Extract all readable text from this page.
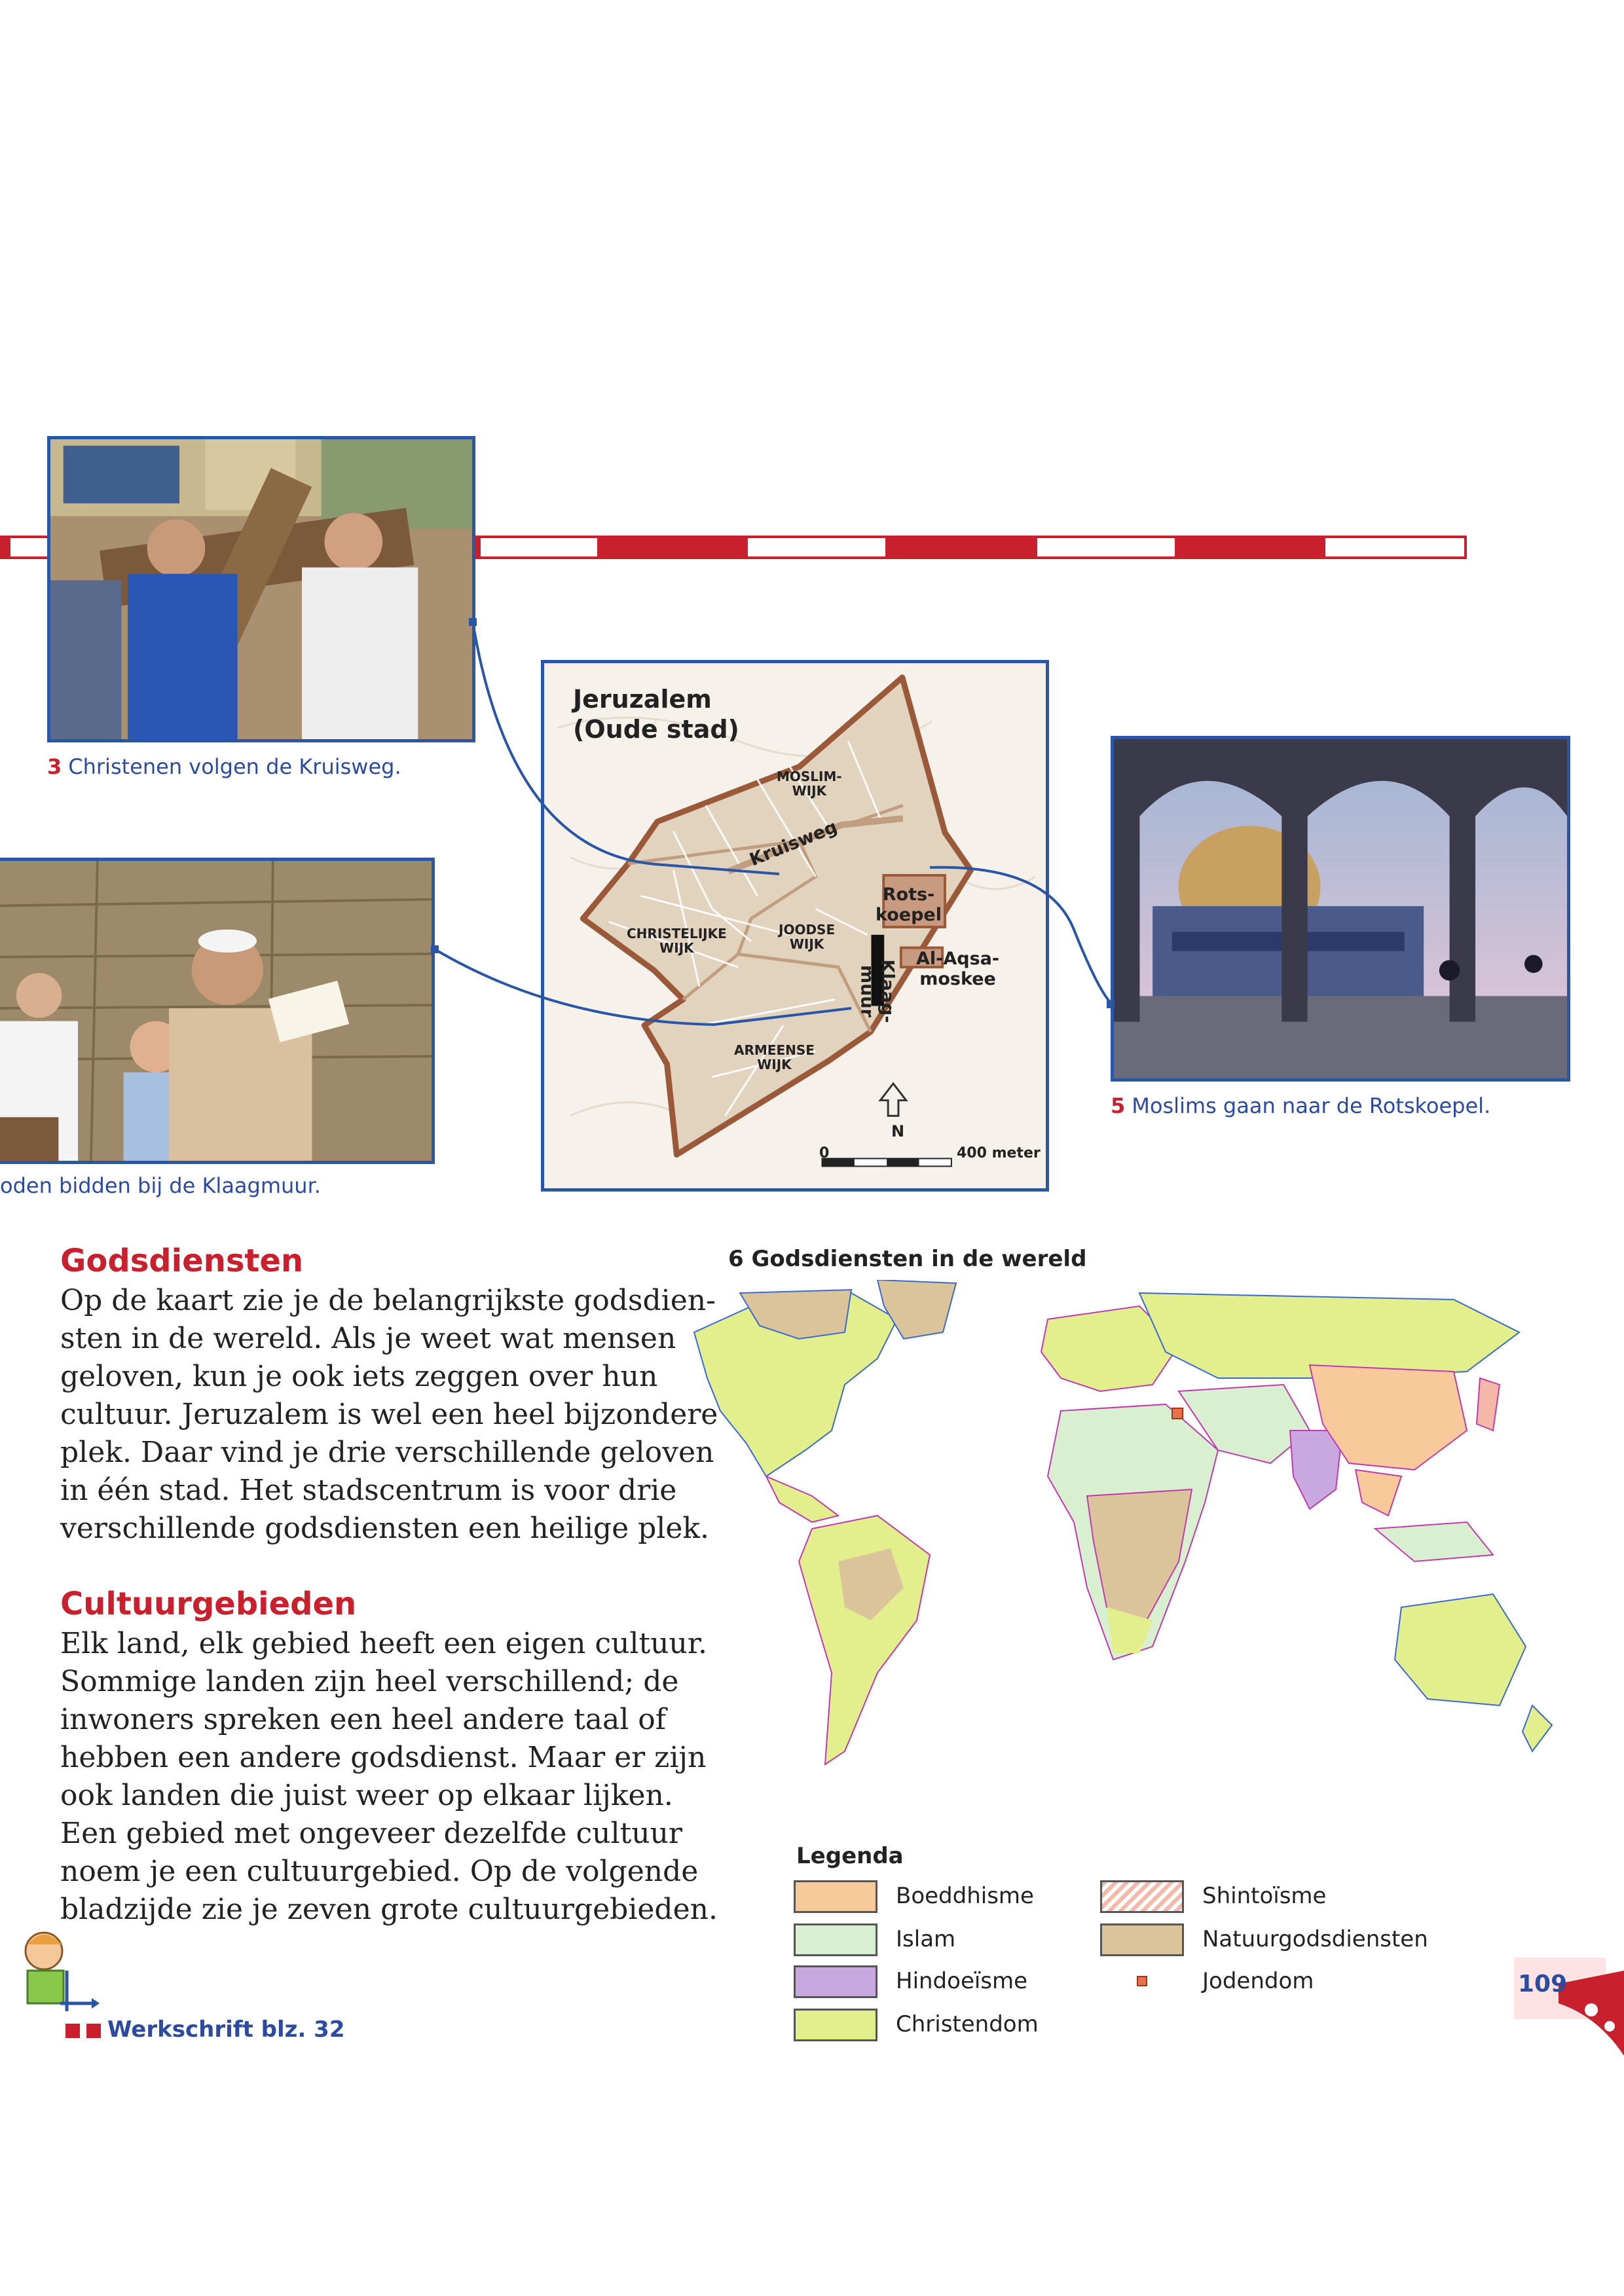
3 Christenen volgen de Kruisweg.
oden bidden bij de Klaagmuur.
Jeruzalem
(Oude stad)
MOSLIM-
WIJK
Kruisweg
CHRISTELIJKE
WIJK
JOODSE
WIJK
Rots-
koepel
Al-Aqsa-
moskee
Klaag-
muur
ARMEENSE
WIJK
N
0	400 meter
5 Moslims gaan naar de Rotskoepel.
Godsdiensten
Op de kaart zie je de belangrijkste godsdien-
sten in de wereld. Als je weet wat mensen
geloven, kun je ook iets zeggen over hun
cultuur. Jeruzalem is wel een heel bijzondere
plek. Daar vind je drie verschillende geloven
in één stad. Het stadscentrum is voor drie
verschillende godsdiensten een heilige plek.
Cultuurgebieden
Elk land, elk gebied heeft een eigen cultuur.
Sommige landen zijn heel verschillend; de
inwoners spreken een heel andere taal of
hebben een andere godsdienst. Maar er zijn
ook landen die juist weer op elkaar lijken.
Een gebied met ongeveer dezelfde cultuur
noem je een cultuurgebied. Op de volgende
bladzijde zie je zeven grote cultuurgebieden.
6 Godsdiensten in de wereld
Legenda
Boeddhisme
Islam
Hindoeïsme
Christendom
Shintoïsme
Natuurgodsdiensten
Jodendom	109
Werkschrift blz. 32
